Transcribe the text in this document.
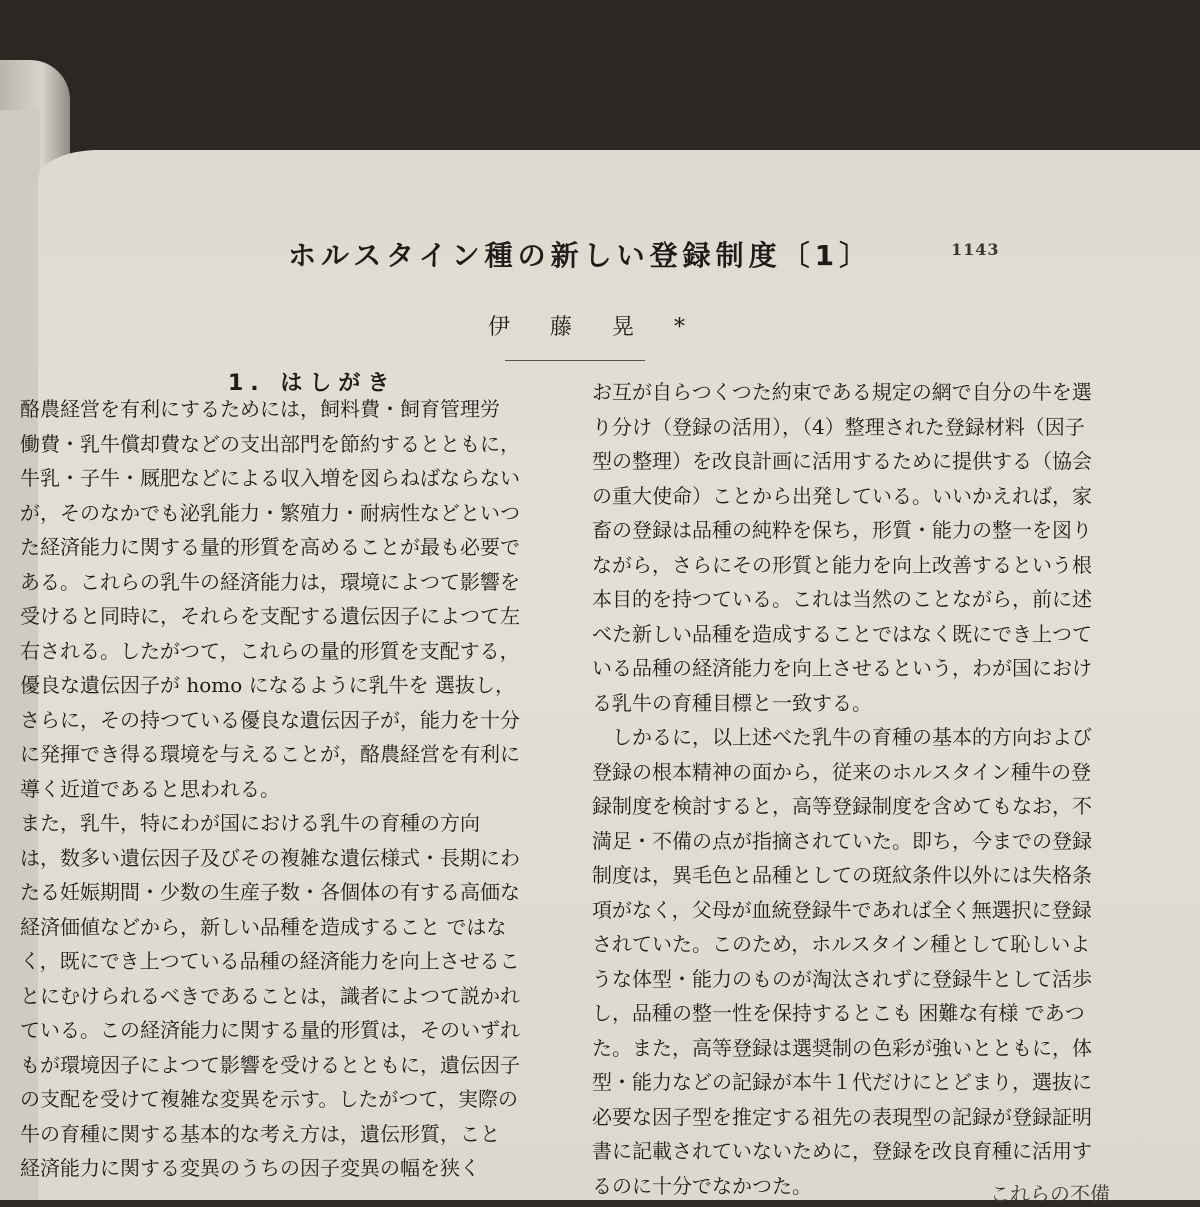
1143
ホルスタイン種の新しい登録制度〔1〕
伊藤晃*
1. はしがき
酪農経営を有利にするためには，飼料費・飼育管理労
働費・乳牛償却費などの支出部門を節約するとともに，
牛乳・子牛・厩肥などによる収入増を図らねばならない
が，そのなかでも泌乳能力・繁殖力・耐病性などといつ
た経済能力に関する量的形質を高めることが最も必要で
ある。これらの乳牛の経済能力は，環境によつて影響を
受けると同時に，それらを支配する遺伝因子によつて左
右される。したがつて，これらの量的形質を支配する，
優良な遺伝因子が homo になるように乳牛を 選抜し，
さらに，その持つている優良な遺伝因子が，能力を十分
に発揮でき得る環境を与えることが，酪農経営を有利に
導く近道であると思われる。
また，乳牛，特にわが国における乳牛の育種の方向
は，数多い遺伝因子及びその複雑な遺伝様式・長期にわ
たる妊娠期間・少数の生産子数・各個体の有する高価な
経済価値などから，新しい品種を造成すること ではな
く，既にでき上つている品種の経済能力を向上させるこ
とにむけられるべきであることは，識者によつて説かれ
ている。この経済能力に関する量的形質は，そのいずれ
もが環境因子によつて影響を受けるとともに，遺伝因子
の支配を受けて複雑な変異を示す。したがつて，実際の
牛の育種に関する基本的な考え方は，遺伝形質，こと
経済能力に関する変異のうちの因子変異の幅を狭く
お互が自らつくつた約束である規定の網で自分の牛を選
り分け（登録の活用），（4）整理された登録材料（因子
型の整理）を改良計画に活用するために提供する（協会
の重大使命）ことから出発している。いいかえれば，家
畜の登録は品種の純粋を保ち，形質・能力の整一を図り
ながら，さらにその形質と能力を向上改善するという根
本目的を持つている。これは当然のことながら，前に述
べた新しい品種を造成することではなく既にでき上つて
いる品種の経済能力を向上させるという，わが国におけ
る乳牛の育種目標と一致する。
　しかるに，以上述べた乳牛の育種の基本的方向および
登録の根本精神の面から，従来のホルスタイン種牛の登
録制度を検討すると，高等登録制度を含めてもなお，不
満足・不備の点が指摘されていた。即ち，今までの登録
制度は，異毛色と品種としての斑紋条件以外には失格条
項がなく，父母が血統登録牛であれば全く無選択に登録
されていた。このため，ホルスタイン種として恥しいよ
うな体型・能力のものが淘汰されずに登録牛として活歩
し，品種の整一性を保持するとこも 困難な有様 であつ
た。また，高等登録は選奨制の色彩が強いとともに，体
型・能力などの記録が本牛１代だけにとどまり，選抜に
必要な因子型を推定する祖先の表現型の記録が登録証明
書に記載されていないために，登録を改良育種に活用す
るのに十分でなかつた。	これらの不備
